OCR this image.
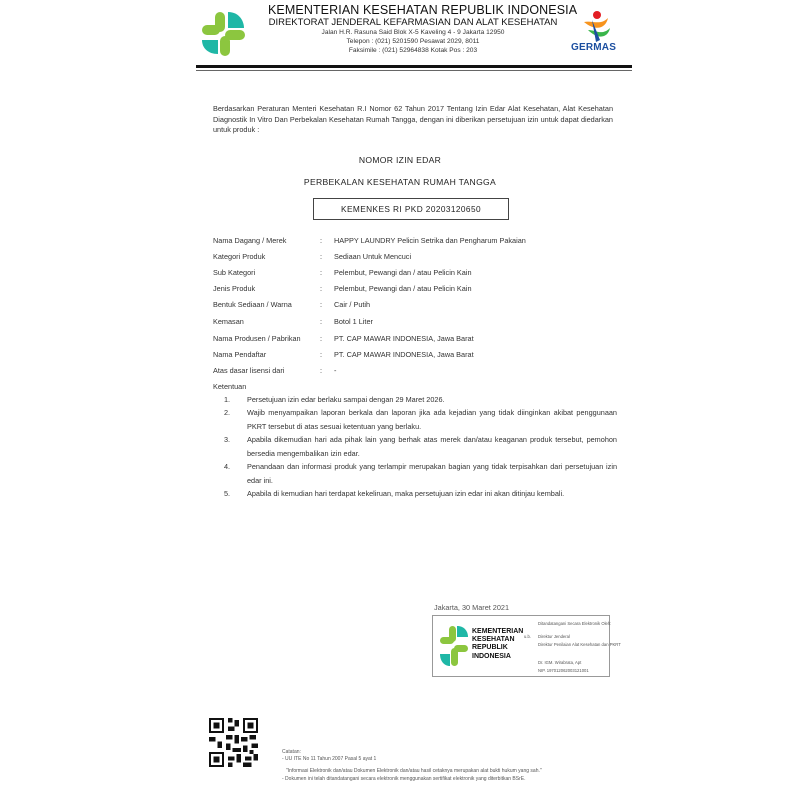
KEMENTERIAN KESEHATAN REPUBLIK INDONESIA
DIREKTORAT JENDERAL KEFARMASIAN DAN ALAT KESEHATAN
Jalan H.R. Rasuna Said Blok X-5 Kaveling 4 - 9 Jakarta 12950
Telepon : (021) 5201590 Pesawat 2029, 8011
Faksimile : (021) 52964838 Kotak Pos : 203	GERMAS
Berdasarkan Peraturan Menteri Kesehatan R.I Nomor 62 Tahun 2017 Tentang Izin Edar Alat Kesehatan, Alat Kesehatan Diagnostik In Vitro Dan Perbekalan Kesehatan Rumah Tangga, dengan ini diberikan persetujuan izin untuk dapat diedarkan untuk produk :
NOMOR IZIN EDAR
PERBEKALAN KESEHATAN RUMAH TANGGA
KEMENKES RI PKD 20203120650
Nama Dagang / Merek	: HAPPY LAUNDRY Pelicin Setrika dan Pengharum Pakaian
Kategori Produk	: Sediaan Untuk Mencuci
Sub Kategori	: Pelembut, Pewangi dan / atau Pelicin Kain
Jenis Produk	: Pelembut, Pewangi dan / atau Pelicin Kain
Bentuk Sediaan / Warna	: Cair / Putih
Kemasan	: Botol 1 Liter
Nama Produsen / Pabrikan	: PT. CAP MAWAR INDONESIA, Jawa Barat
Nama Pendaftar	: PT. CAP MAWAR INDONESIA, Jawa Barat
Atas dasar lisensi dari	: -
Ketentuan
1. Persetujuan izin edar berlaku sampai dengan 29 Maret 2026.
2. Wajib menyampaikan laporan berkala dan laporan jika ada kejadian yang tidak diinginkan akibat penggunaan PKRT tersebut di atas sesuai ketentuan yang berlaku.
3. Apabila dikemudian hari ada pihak lain yang berhak atas merek dan/atau keaganan produk tersebut, pemohon bersedia mengembalikan izin edar.
4. Penandaan dan informasi produk yang terlampir merupakan bagian yang tidak terpisahkan dari persetujuan izin edar ini.
5. Apabila di kemudian hari terdapat kekeliruan, maka persetujuan izin edar ini akan ditinjau kembali.
Jakarta, 30 Maret 2021
KEMENTERIAN
KESEHATAN
REPUBLIK
INDONESIA
Ditandatangani Secara Elektronik Oleh:
u.b. Direktur Jenderal
Direktur Penilaian Alat Kesehatan dan PKRT
Dr. IGM. Wirabrata, Apt
NIP. 197012062003121001
Catatan:
- UU ITE No 11 Tahun 2007 Pasal 5 ayat 1
"Informasi Elektronik dan/atau Dokumen Elektronik dan/atau hasil cetaknya merupakan alat bukti hukum yang sah."
- Dokumen ini telah ditandatangani secara elektronik menggunakan sertifikat elektronik yang diterbitkan BSrE.
